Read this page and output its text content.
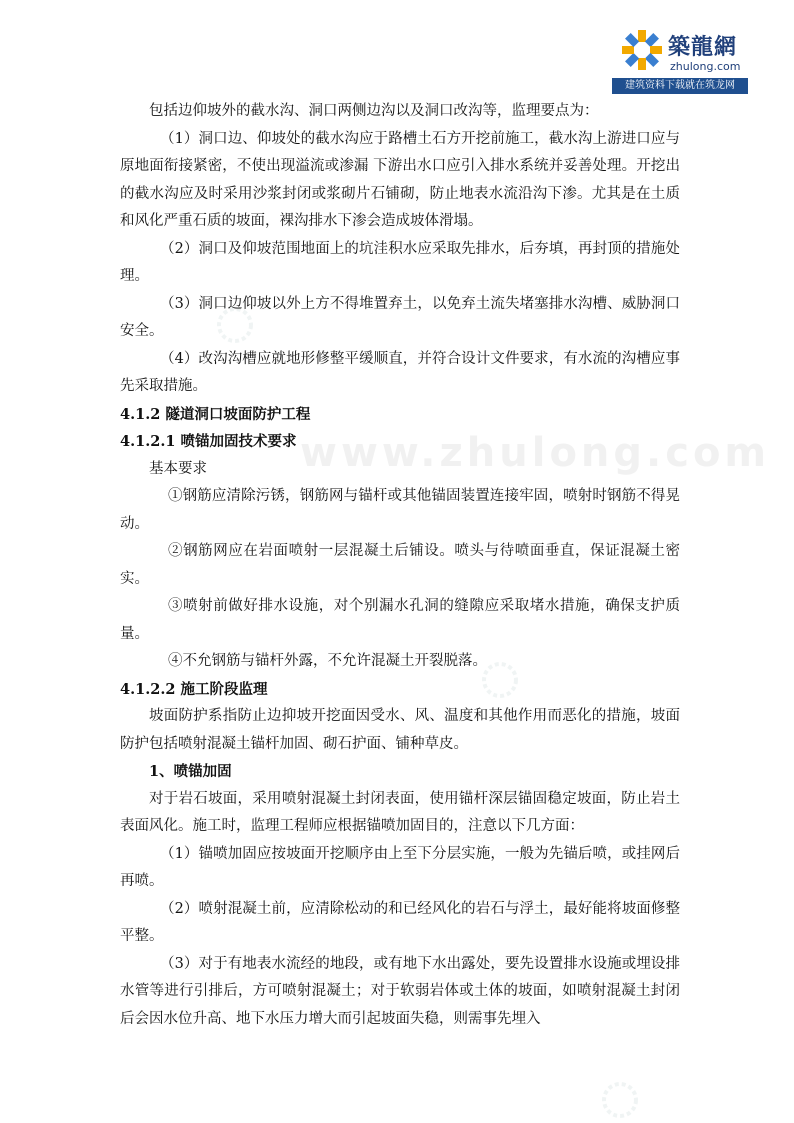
築龍網
zhulong.com
建筑资料下载就在筑龙网
www.zhulong.com

包括边仰坡外的截水沟、洞口两侧边沟以及洞口改沟等，监理要点为：

（1）洞口边、仰坡处的截水沟应于路槽土石方开挖前施工，截水沟上游进口应与原地面衔接紧密，不使出现溢流或渗漏 下游出水口应引入排水系统并妥善处理。开挖出的截水沟应及时采用沙浆封闭或浆砌片石铺砌，防止地表水流沿沟下渗。尤其是在土质和风化严重石质的坡面，裸沟排水下渗会造成坡体滑塌。

（2）洞口及仰坡范围地面上的坑洼积水应采取先排水，后夯填，再封顶的措施处理。

（3）洞口边仰坡以外上方不得堆置弃土，以免弃土流失堵塞排水沟槽、威胁洞口安全。

（4）改沟沟槽应就地形修整平缓顺直，并符合设计文件要求，有水流的沟槽应事先采取措施。

4.1.2 隧道洞口坡面防护工程

4.1.2.1 喷锚加固技术要求

基本要求

①钢筋应清除污锈，钢筋网与锚杆或其他锚固装置连接牢固，喷射时钢筋不得晃动。

②钢筋网应在岩面喷射一层混凝土后铺设。喷头与待喷面垂直，保证混凝土密实。

③喷射前做好排水设施，对个别漏水孔洞的缝隙应采取堵水措施，确保支护质量。

④不允钢筋与锚杆外露，不允许混凝土开裂脱落。

4.1.2.2 施工阶段监理

坡面防护系指防止边抑坡开挖面因受水、风、温度和其他作用而恶化的措施，坡面防护包括喷射混凝土锚杆加固、砌石护面、铺种草皮。

1、喷锚加固

对于岩石坡面，采用喷射混凝土封闭表面，使用锚杆深层锚固稳定坡面，防止岩土表面风化。施工时，监理工程师应根据锚喷加固目的，注意以下几方面：

（1）锚喷加固应按坡面开挖顺序由上至下分层实施，一般为先锚后喷，或挂网后再喷。

（2）喷射混凝土前，应清除松动的和已经风化的岩石与浮土，最好能将坡面修整平整。

（3）对于有地表水流经的地段，或有地下水出露处，要先设置排水设施或埋设排水管等进行引排后，方可喷射混凝土；对于软弱岩体或土体的坡面，如喷射混凝土封闭后会因水位升高、地下水压力增大而引起坡面失稳，则需事先埋入
